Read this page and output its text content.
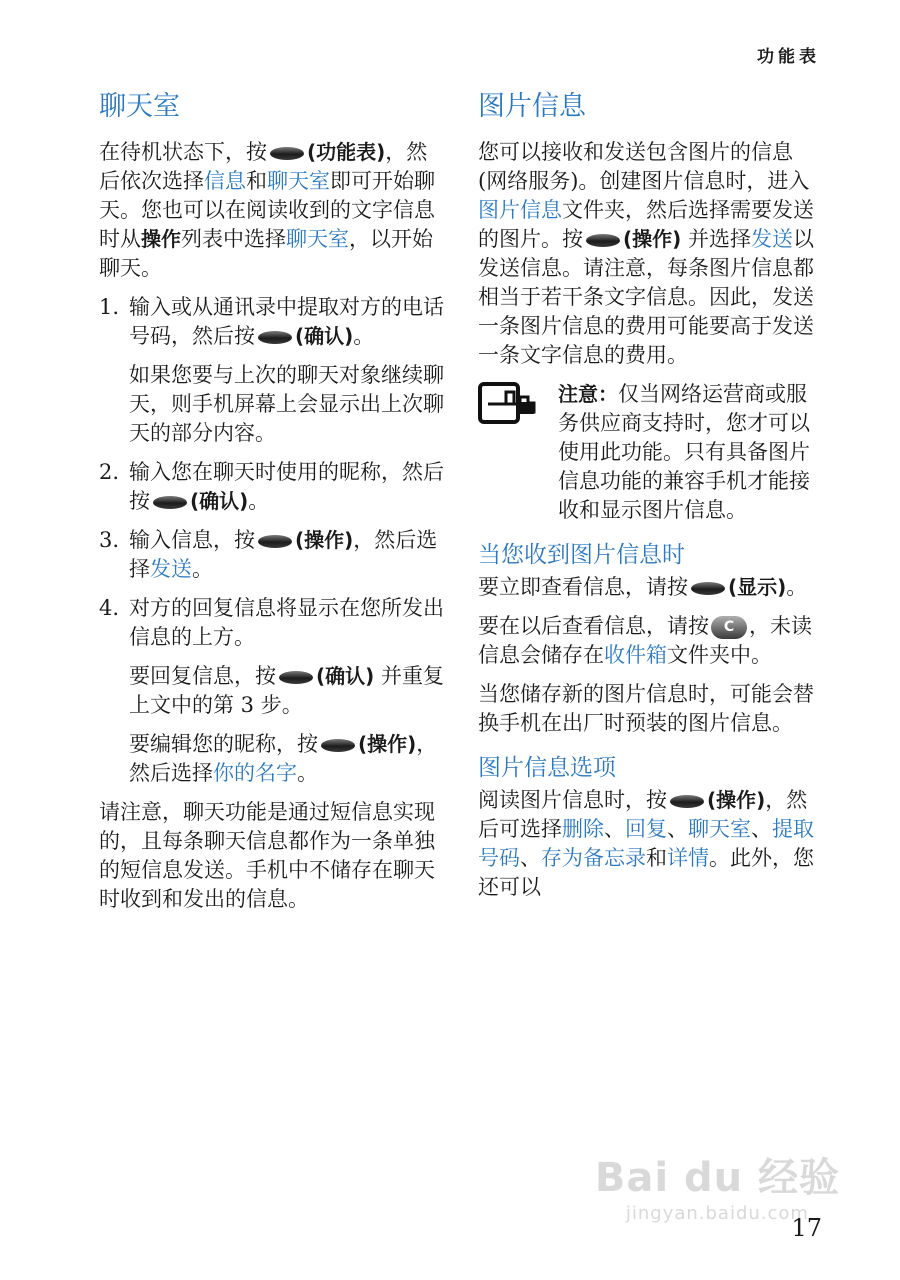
功能表
聊天室

在待机状态下，按 (功能表)，然后依次选择信息和聊天室即可开始聊天。您也可以在阅读收到的文字信息时从操作列表中选择聊天室，以开始聊天。

1. 输入或从通讯录中提取对方的电话号码，然后按 (确认)。

如果您要与上次的聊天对象继续聊天，则手机屏幕上会显示出上次聊天的部分内容。

2. 输入您在聊天时使用的昵称，然后按 (确认)。

3. 输入信息，按 (操作)，然后选择发送。

4. 对方的回复信息将显示在您所发出信息的上方。

要回复信息，按 (确认) 并重复上文中的第 3 步。

要编辑您的昵称，按 (操作)，然后选择你的名字。

请注意，聊天功能是通过短信息实现的，且每条聊天信息都作为一条单独的短信息发送。手机中不储存在聊天时收到和发出的信息。

图片信息

您可以接收和发送包含图片的信息 (网络服务)。创建图片信息时，进入图片信息文件夹，然后选择需要发送的图片。按 (操作) 并选择发送以发送信息。请注意，每条图片信息都相当于若干条文字信息。因此，发送一条图片信息的费用可能要高于发送一条文字信息的费用。

注意：仅当网络运营商或服务供应商支持时，您才可以使用此功能。只有具备图片信息功能的兼容手机才能接收和显示图片信息。

当您收到图片信息时

要立即查看信息，请按 (显示)。

要在以后查看信息，请按 C ，未读信息会储存在收件箱文件夹中。

当您储存新的图片信息时，可能会替换手机在出厂时预装的图片信息。

图片信息选项

阅读图片信息时，按 (操作)，然后可选择删除、回复、聊天室、提取号码、存为备忘录和详情。此外，您还可以

Bai du 经验
jingyan.baidu.com
17
